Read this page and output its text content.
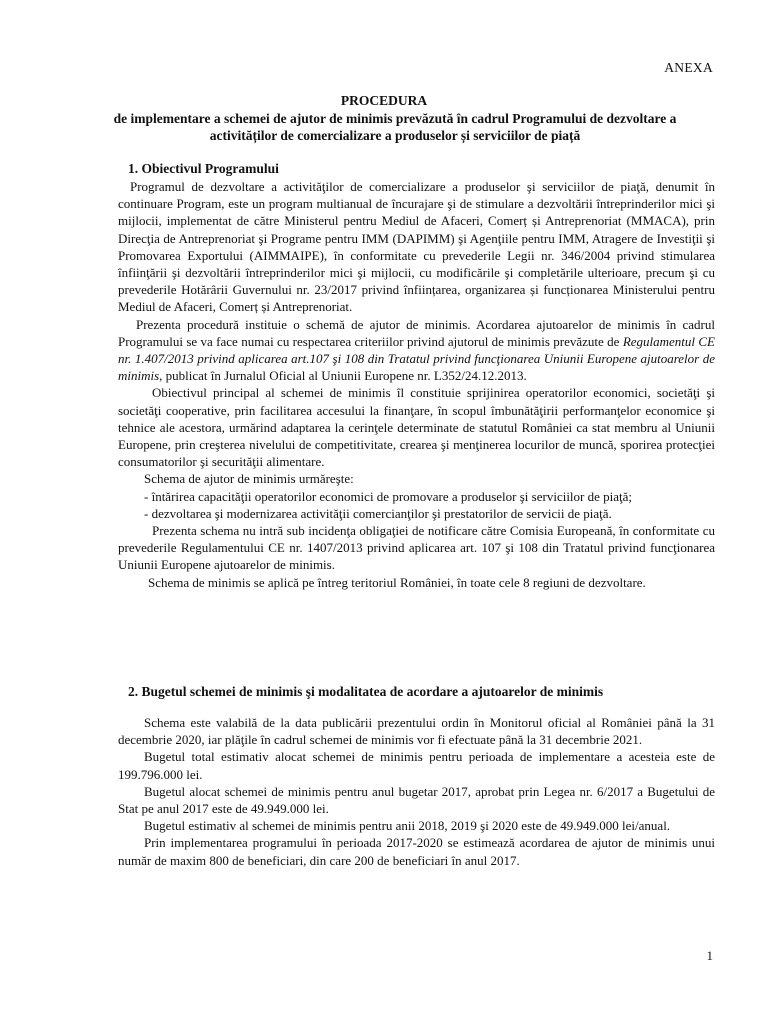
ANEXA
PROCEDURA
de implementare a schemei de ajutor de minimis prevăzută în cadrul Programului de dezvoltare a activităților de comercializare a produselor și serviciilor de piață
1. Obiectivul Programului

Programul de dezvoltare a activităţilor de comercializare a produselor şi serviciilor de piaţă, denumit în continuare Program, este un program multianual de încurajare şi de stimulare a dezvoltării întreprinderilor mici şi mijlocii, implementat de către Ministerul pentru Mediul de Afaceri, Comerț și Antreprenoriat (MMACA), prin Direcţia de Antreprenoriat şi Programe pentru IMM (DAPIMM) şi Agenţiile pentru IMM, Atragere de Investiţii şi Promovarea Exportului (AIMMAIPE), în conformitate cu prevederile Legii nr. 346/2004 privind stimularea înfiinţării şi dezvoltării întreprinderilor mici şi mijlocii, cu modificările şi completările ulterioare, precum şi cu prevederile Hotărârii Guvernului nr. 23/2017 privind înființarea, organizarea și funcționarea Ministerului pentru Mediul de Afaceri, Comerț și Antreprenoriat.

Prezenta procedură instituie o schemă de ajutor de minimis. Acordarea ajutoarelor de minimis în cadrul Programului se va face numai cu respectarea criteriilor privind ajutorul de minimis prevăzute de Regulamentul CE nr. 1.407/2013 privind aplicarea art.107 şi 108 din Tratatul privind funcţionarea Uniunii Europene ajutoarelor de minimis, publicat în Jurnalul Oficial al Uniunii Europene nr. L352/24.12.2013.

Obiectivul principal al schemei de minimis îl constituie sprijinirea operatorilor economici, societăţi şi societăţi cooperative, prin facilitarea accesului la finanţare, în scopul îmbunătăţirii performanţelor economice şi tehnice ale acestora, urmărind adaptarea la cerinţele determinate de statutul României ca stat membru al Uniunii Europene, prin creşterea nivelului de competitivitate, crearea şi menţinerea locurilor de muncă, sporirea protecţiei consumatorilor şi securităţii alimentare.

Schema de ajutor de minimis urmăreşte:

- întărirea capacităţii operatorilor economici de promovare a produselor şi serviciilor de piaţă;

- dezvoltarea şi modernizarea activităţii comercianţilor şi prestatorilor de servicii de piaţă.

Prezenta schema nu intră sub incidenţa obligaţiei de notificare către Comisia Europeană, în conformitate cu prevederile Regulamentului CE nr. 1407/2013 privind aplicarea art. 107 şi 108 din Tratatul privind funcţionarea Uniunii Europene ajutoarelor de minimis.

Schema de minimis se aplică pe întreg teritoriul României, în toate cele 8 regiuni de dezvoltare.

2. Bugetul schemei de minimis şi modalitatea de acordare a ajutoarelor de minimis

Schema este valabilă de la data publicării prezentului ordin în Monitorul oficial al României până la 31 decembrie 2020, iar plăţile în cadrul schemei de minimis vor fi efectuate până la 31 decembrie 2021.

Bugetul total estimativ alocat schemei de minimis pentru perioada de implementare a acesteia este de 199.796.000 lei.

Bugetul alocat schemei de minimis pentru anul bugetar 2017, aprobat prin Legea nr. 6/2017 a Bugetului de Stat pe anul 2017 este de 49.949.000 lei.

Bugetul estimativ al schemei de minimis pentru anii 2018, 2019 şi 2020 este de 49.949.000 lei/anual.

Prin implementarea programului în perioada 2017-2020 se estimează acordarea de ajutor de minimis unui număr de maxim 800 de beneficiari, din care 200 de beneficiari în anul 2017.

1
